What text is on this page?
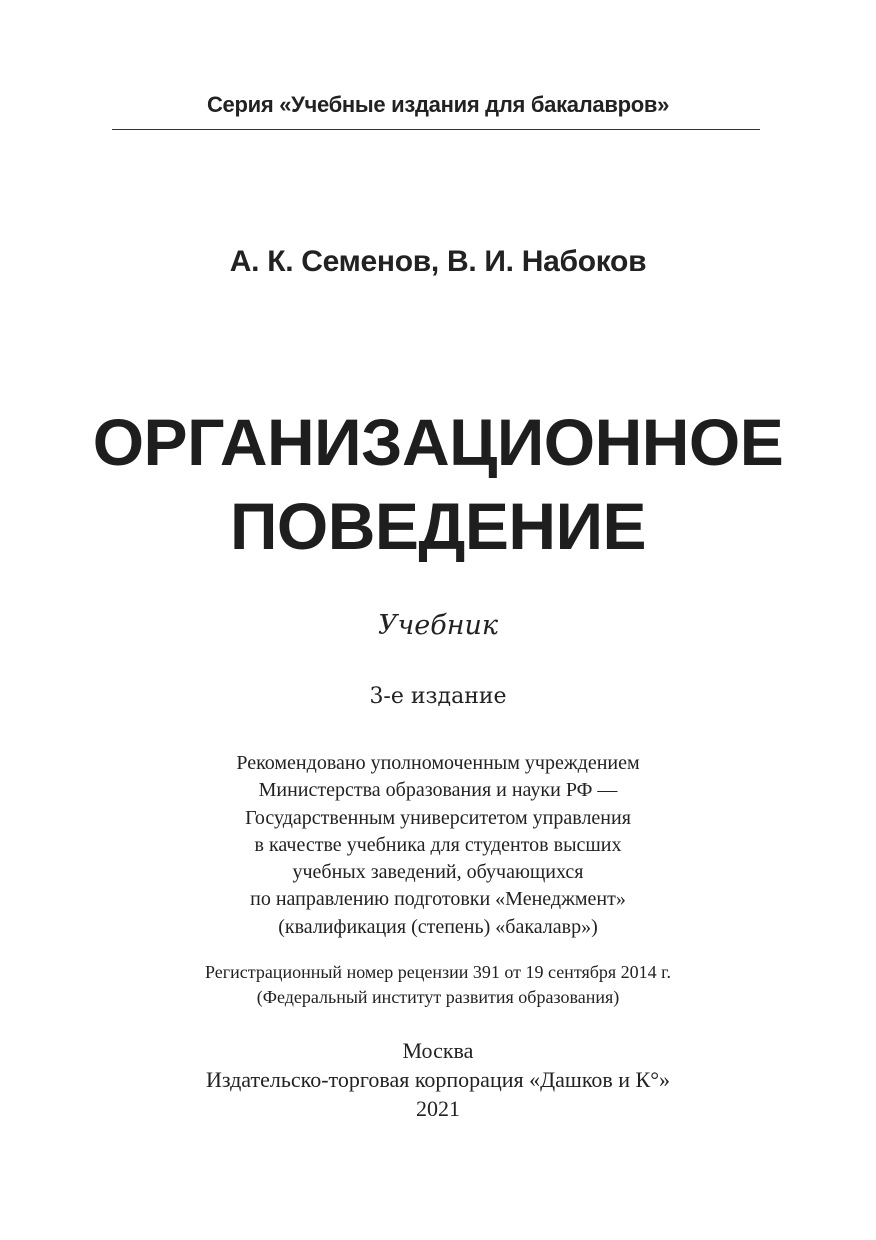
Серия «Учебные издания для бакалавров»
А. К. Семенов, В. И. Набоков
ОРГАНИЗАЦИОННОЕ
ПОВЕДЕНИЕ
Учебник
3-е издание
Рекомендовано уполномоченным учреждением
Министерства образования и науки РФ —
Государственным университетом управления
в качестве учебника для студентов высших
учебных заведений, обучающихся
по направлению подготовки «Менеджмент»
(квалификация (степень) «бакалавр»)
Регистрационный номер рецензии 391 от 19 сентября 2014 г.
(Федеральный институт развития образования)
Москва
Издательско-торговая корпорация «Дашков и К°»
2021
